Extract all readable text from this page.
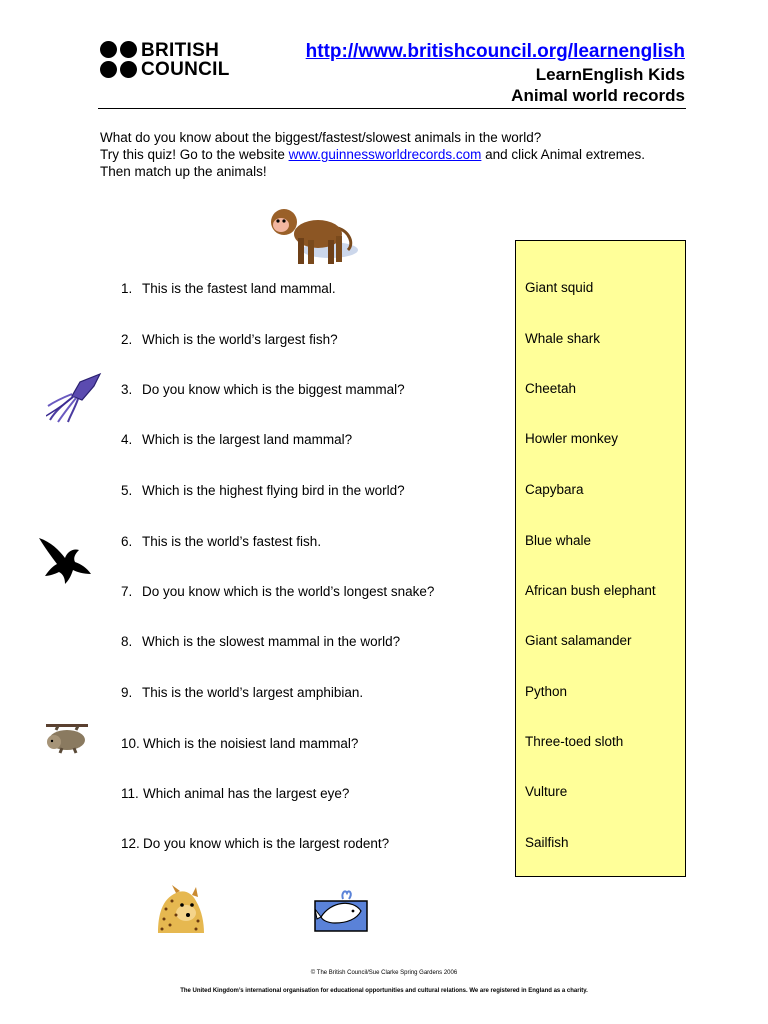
BRITISH
COUNCIL
http://www.britishcouncil.org/learnenglish
LearnEnglish Kids
Animal world records
What do you know about the biggest/fastest/slowest animals in the world?
Try this quiz! Go to the website www.guinnessworldrecords.com and click Animal extremes.
Then match up the animals!
1. This is the fastest land mammal.
2. Which is the world’s largest fish?
3. Do you know which is the biggest mammal?
4. Which is the largest land mammal?
5. Which is the highest flying bird in the world?
6. This is the world’s fastest fish.
7. Do you know which is the world’s longest snake?
8. Which is the slowest mammal in the world?
9. This is the world’s largest amphibian.
10. Which is the noisiest land mammal?
11. Which animal has the largest eye?
12. Do you know which is the largest rodent?
Giant squid
Whale shark
Cheetah
Howler monkey
Capybara
Blue whale
African bush elephant
Giant salamander
Python
Three-toed sloth
Vulture
Sailfish
© The British Council/Sue Clarke Spring Gardens 2006
The United Kingdom’s international organisation for educational opportunities and cultural relations. We are registered in England as a charity.
